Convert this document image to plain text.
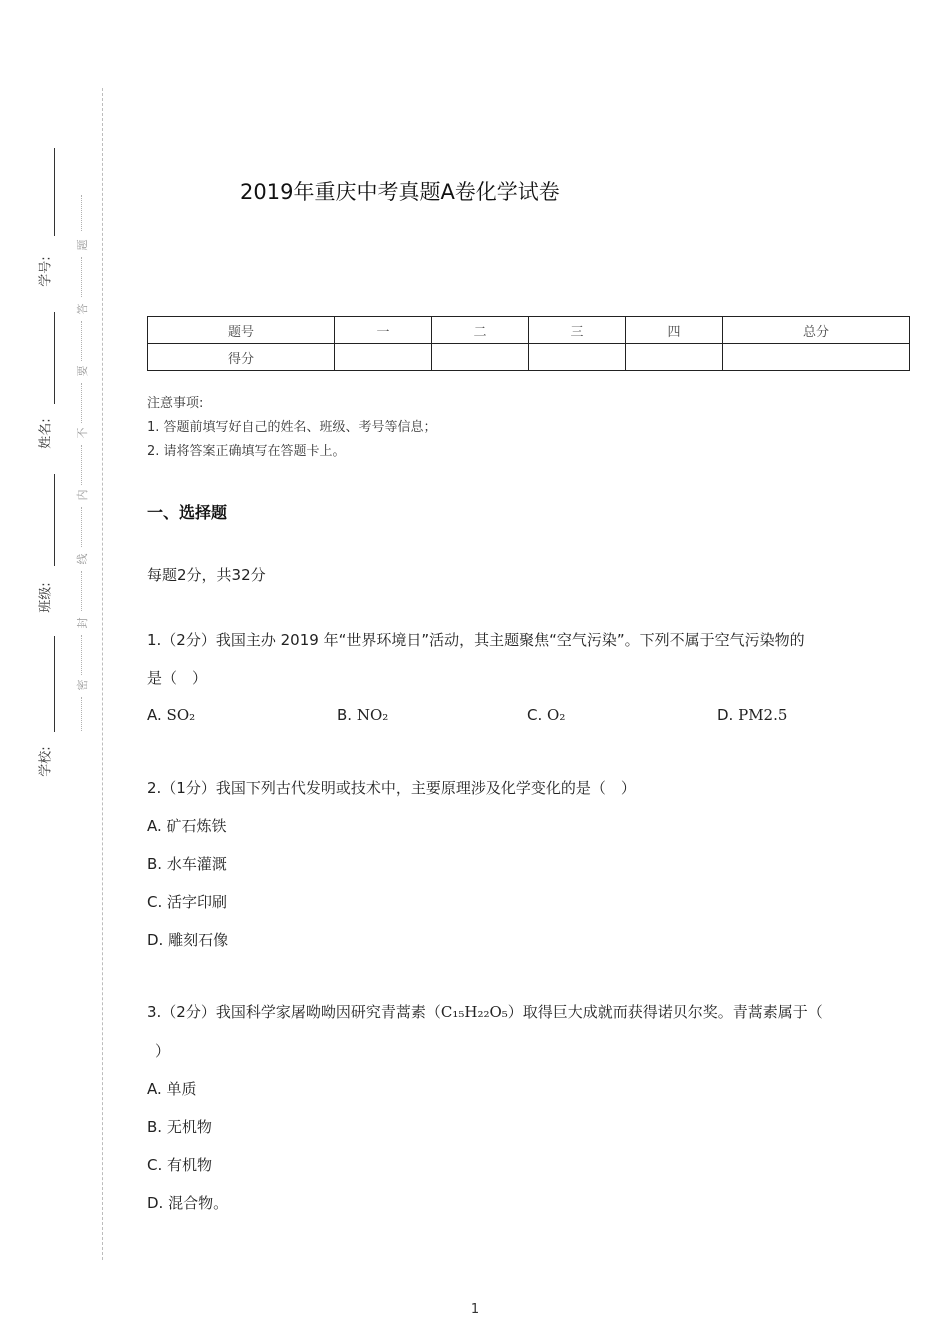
学号:
姓名:
班级:
学校:
题
答
要
不
内
线
封
密
2019年重庆中考真题A卷化学试卷
题号	一	二	三	四	总分
得分					
注意事项:
1. 答题前填写好自己的姓名、班级、考号等信息；
2. 请将答案正确填写在答题卡上。
一、选择题
每题2分，共32分
1.（2分）我国主办 2019 年“世界环境日”活动，其主题聚焦“空气污染”。下列不属于空气污染物的
是（　）
A. SO₂	B. NO₂	C. O₂	D. PM2.5
2.（1分）我国下列古代发明或技术中，主要原理涉及化学变化的是（　）
A. 矿石炼铁
B. 水车灌溉
C. 活字印刷
D. 雕刻石像
3.（2分）我国科学家屠呦呦因研究青蒿素（C₁₅H₂₂O₅）取得巨大成就而获得诺贝尔奖。青蒿素属于（
）
A. 单质
B. 无机物
C. 有机物
D. 混合物。
1
